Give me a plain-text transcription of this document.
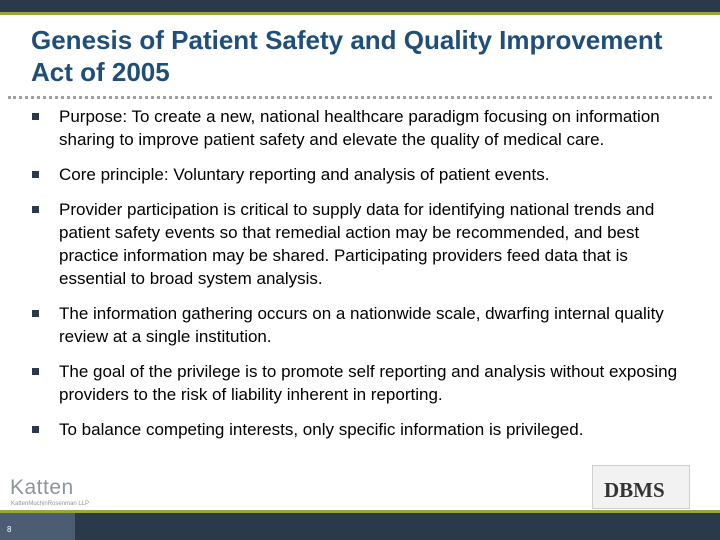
Genesis of Patient Safety and Quality Improvement Act of 2005
Purpose: To create a new, national healthcare paradigm focusing on information sharing to improve patient safety and elevate the quality of medical care.
Core principle: Voluntary reporting and analysis of patient events.
Provider participation is critical to supply data for identifying national trends and patient safety events so that remedial action may be recommended, and best practice information may be shared. Participating providers feed data that is essential to broad system analysis.
The information gathering occurs on a nationwide scale, dwarfing internal quality review at a single institution.
The goal of the privilege is to promote self reporting and analysis without exposing providers to the risk of liability inherent in reporting.
To balance competing interests, only specific information is privileged.
Katten
KattenMuchinRosenman LLP
DBMS
8
